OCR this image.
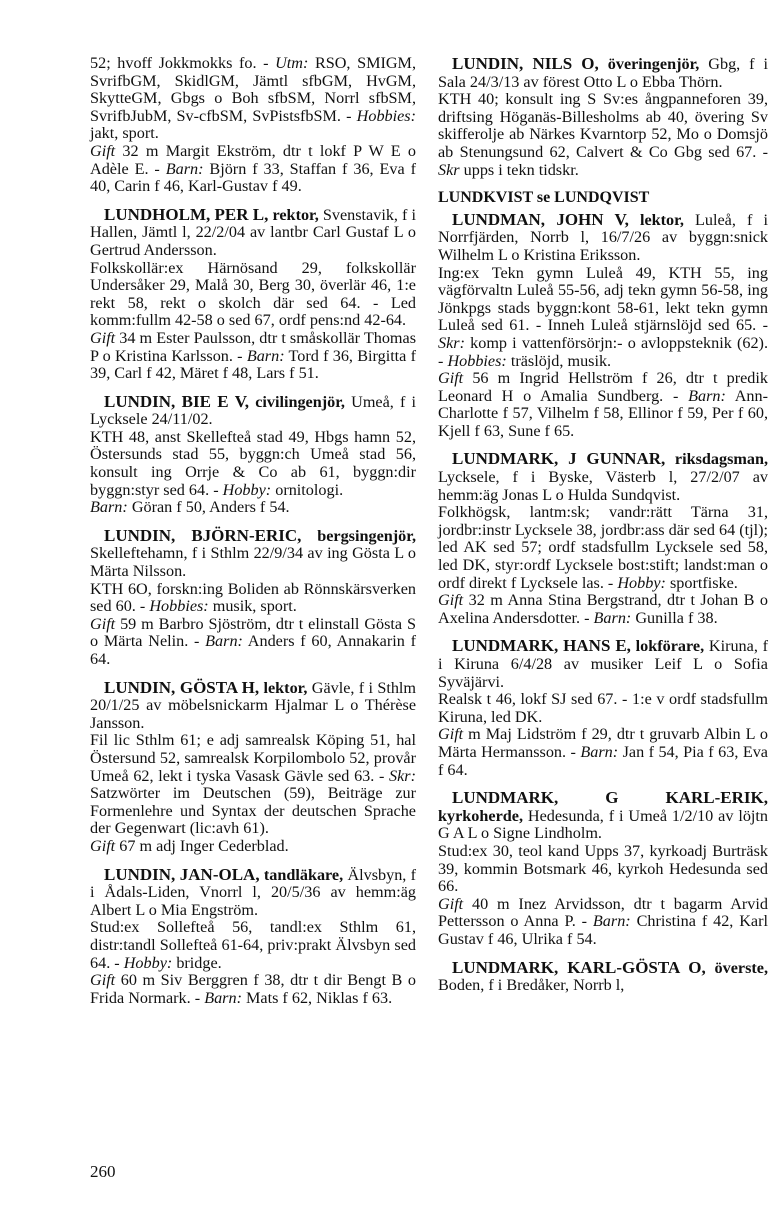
52; hvoff Jokkmokks fo. - Utm: RSO, SMIGM, SvrifbGM, SkidlGM, Jämtl sfbGM, HvGM, SkytteGM, Gbgs o Boh sfbSM, Norrl sfbSM, SvrifbJubM, Sv-cfbSM, SvPistsfbSM. - Hobbies: jakt, sport.

Gift 32 m Margit Ekström, dtr t lokf P W E o Adèle E. - Barn: Björn f 33, Staffan f 36, Eva f 40, Carin f 46, Karl-Gustav f 49.

LUNDHOLM, PER L, rektor, Svenstavik, f i Hallen, Jämtl l, 22/2/04 av lantbr Carl Gustaf L o Gertrud Andersson.

Folkskollär:ex Härnösand 29, folkskollär Undersåker 29, Malå 30, Berg 30, överlär 46, 1:e rekt 58, rekt o skolch där sed 64. - Led komm:fullm 42-58 o sed 67, ordf pens:nd 42-64.

Gift 34 m Ester Paulsson, dtr t småskollär Thomas P o Kristina Karlsson. - Barn: Tord f 36, Birgitta f 39, Carl f 42, Märet f 48, Lars f 51.

LUNDIN, BIE E V, civilingenjör, Umeå, f i Lycksele 24/11/02.

KTH 48, anst Skellefteå stad 49, Hbgs hamn 52, Östersunds stad 55, byggn:ch Umeå stad 56, konsult ing Orrje & Co ab 61, byggn:dir byggn:styr sed 64. - Hobby: ornitologi.

Barn: Göran f 50, Anders f 54.

LUNDIN, BJÖRN-ERIC, bergsingenjör, Skelleftehamn, f i Sthlm 22/9/34 av ing Gösta L o Märta Nilsson.

KTH 6O, forskn:ing Boliden ab Rönnskärsverken sed 60. - Hobbies: musik, sport.

Gift 59 m Barbro Sjöström, dtr t elinstall Gösta S o Märta Nelin. - Barn: Anders f 60, Annakarin f 64.

LUNDIN, GÖSTA H, lektor, Gävle, f i Sthlm 20/1/25 av möbelsnickarm Hjalmar L o Thérèse Jansson.

Fil lic Sthlm 61; e adj samrealsk Köping 51, hal Östersund 52, samrealsk Korpilombolo 52, provår Umeå 62, lekt i tyska Vasask Gävle sed 63. - Skr: Satzwörter im Deutschen (59), Beiträge zur Formenlehre und Syntax der deutschen Sprache der Gegenwart (lic:avh 61).

Gift 67 m adj Inger Cederblad.

LUNDIN, JAN-OLA, tandläkare, Älvsbyn, f i Ådals-Liden, Vnorrl l, 20/5/36 av hemm:äg Albert L o Mia Engström.

Stud:ex Sollefteå 56, tandl:ex Sthlm 61, distr:tandl Sollefteå 61-64, priv:prakt Älvsbyn sed 64. - Hobby: bridge.

Gift 60 m Siv Berggren f 38, dtr t dir Bengt B o Frida Normark. - Barn: Mats f 62, Niklas f 63.

LUNDIN, NILS O, överingenjör, Gbg, f i Sala 24/3/13 av förest Otto L o Ebba Thörn.

KTH 40; konsult ing S Sv:es ångpanneforen 39, driftsing Höganäs-Billesholms ab 40, övering Sv skifferolje ab Närkes Kvarntorp 52, Mo o Domsjö ab Stenungsund 62, Calvert & Co Gbg sed 67. - Skr upps i tekn tidskr.

LUNDKVIST se LUNDQVIST

LUNDMAN, JOHN V, lektor, Luleå, f i Norrfjärden, Norrb l, 16/7/26 av byggn:snick Wilhelm L o Kristina Eriksson.

Ing:ex Tekn gymn Luleå 49, KTH 55, ing vägförvaltn Luleå 55-56, adj tekn gymn 56-58, ing Jönkpgs stads byggn:kont 58-61, lekt tekn gymn Luleå sed 61. - Inneh Luleå stjärnslöjd sed 65. - Skr: komp i vattenförsörjn:- o avloppsteknik (62). - Hobbies: träslöjd, musik.

Gift 56 m Ingrid Hellström f 26, dtr t predik Leonard H o Amalia Sundberg. - Barn: Ann-Charlotte f 57, Vilhelm f 58, Ellinor f 59, Per f 60, Kjell f 63, Sune f 65.

LUNDMARK, J GUNNAR, riksdagsman, Lycksele, f i Byske, Västerb l, 27/2/07 av hemm:äg Jonas L o Hulda Sundqvist.

Folkhögsk, lantm:sk; vandr:rätt Tärna 31, jordbr:instr Lycksele 38, jordbr:ass där sed 64 (tjl); led AK sed 57; ordf stadsfullm Lycksele sed 58, led DK, styr:ordf Lycksele bost:stift; landst:man o ordf direkt f Lycksele las. - Hobby: sportfiske.

Gift 32 m Anna Stina Bergstrand, dtr t Johan B o Axelina Andersdotter. - Barn: Gunilla f 38.

LUNDMARK, HANS E, lokförare, Kiruna, f i Kiruna 6/4/28 av musiker Leif L o Sofia Syväjärvi.

Realsk t 46, lokf SJ sed 67. - 1:e v ordf stadsfullm Kiruna, led DK.

Gift m Maj Lidström f 29, dtr t gruvarb Albin L o Märta Hermansson. - Barn: Jan f 54, Pia f 63, Eva f 64.

LUNDMARK, G KARL-ERIK, kyrkoherde, Hedesunda, f i Umeå 1/2/10 av löjtn G A L o Signe Lindholm.

Stud:ex 30, teol kand Upps 37, kyrkoadj Burträsk 39, kommin Botsmark 46, kyrkoh Hedesunda sed 66.

Gift 40 m Inez Arvidsson, dtr t bagarm Arvid Pettersson o Anna P. - Barn: Christina f 42, Karl Gustav f 46, Ulrika f 54.

LUNDMARK, KARL-GÖSTA O, överste, Boden, f i Bredåker, Norrb l,

260
